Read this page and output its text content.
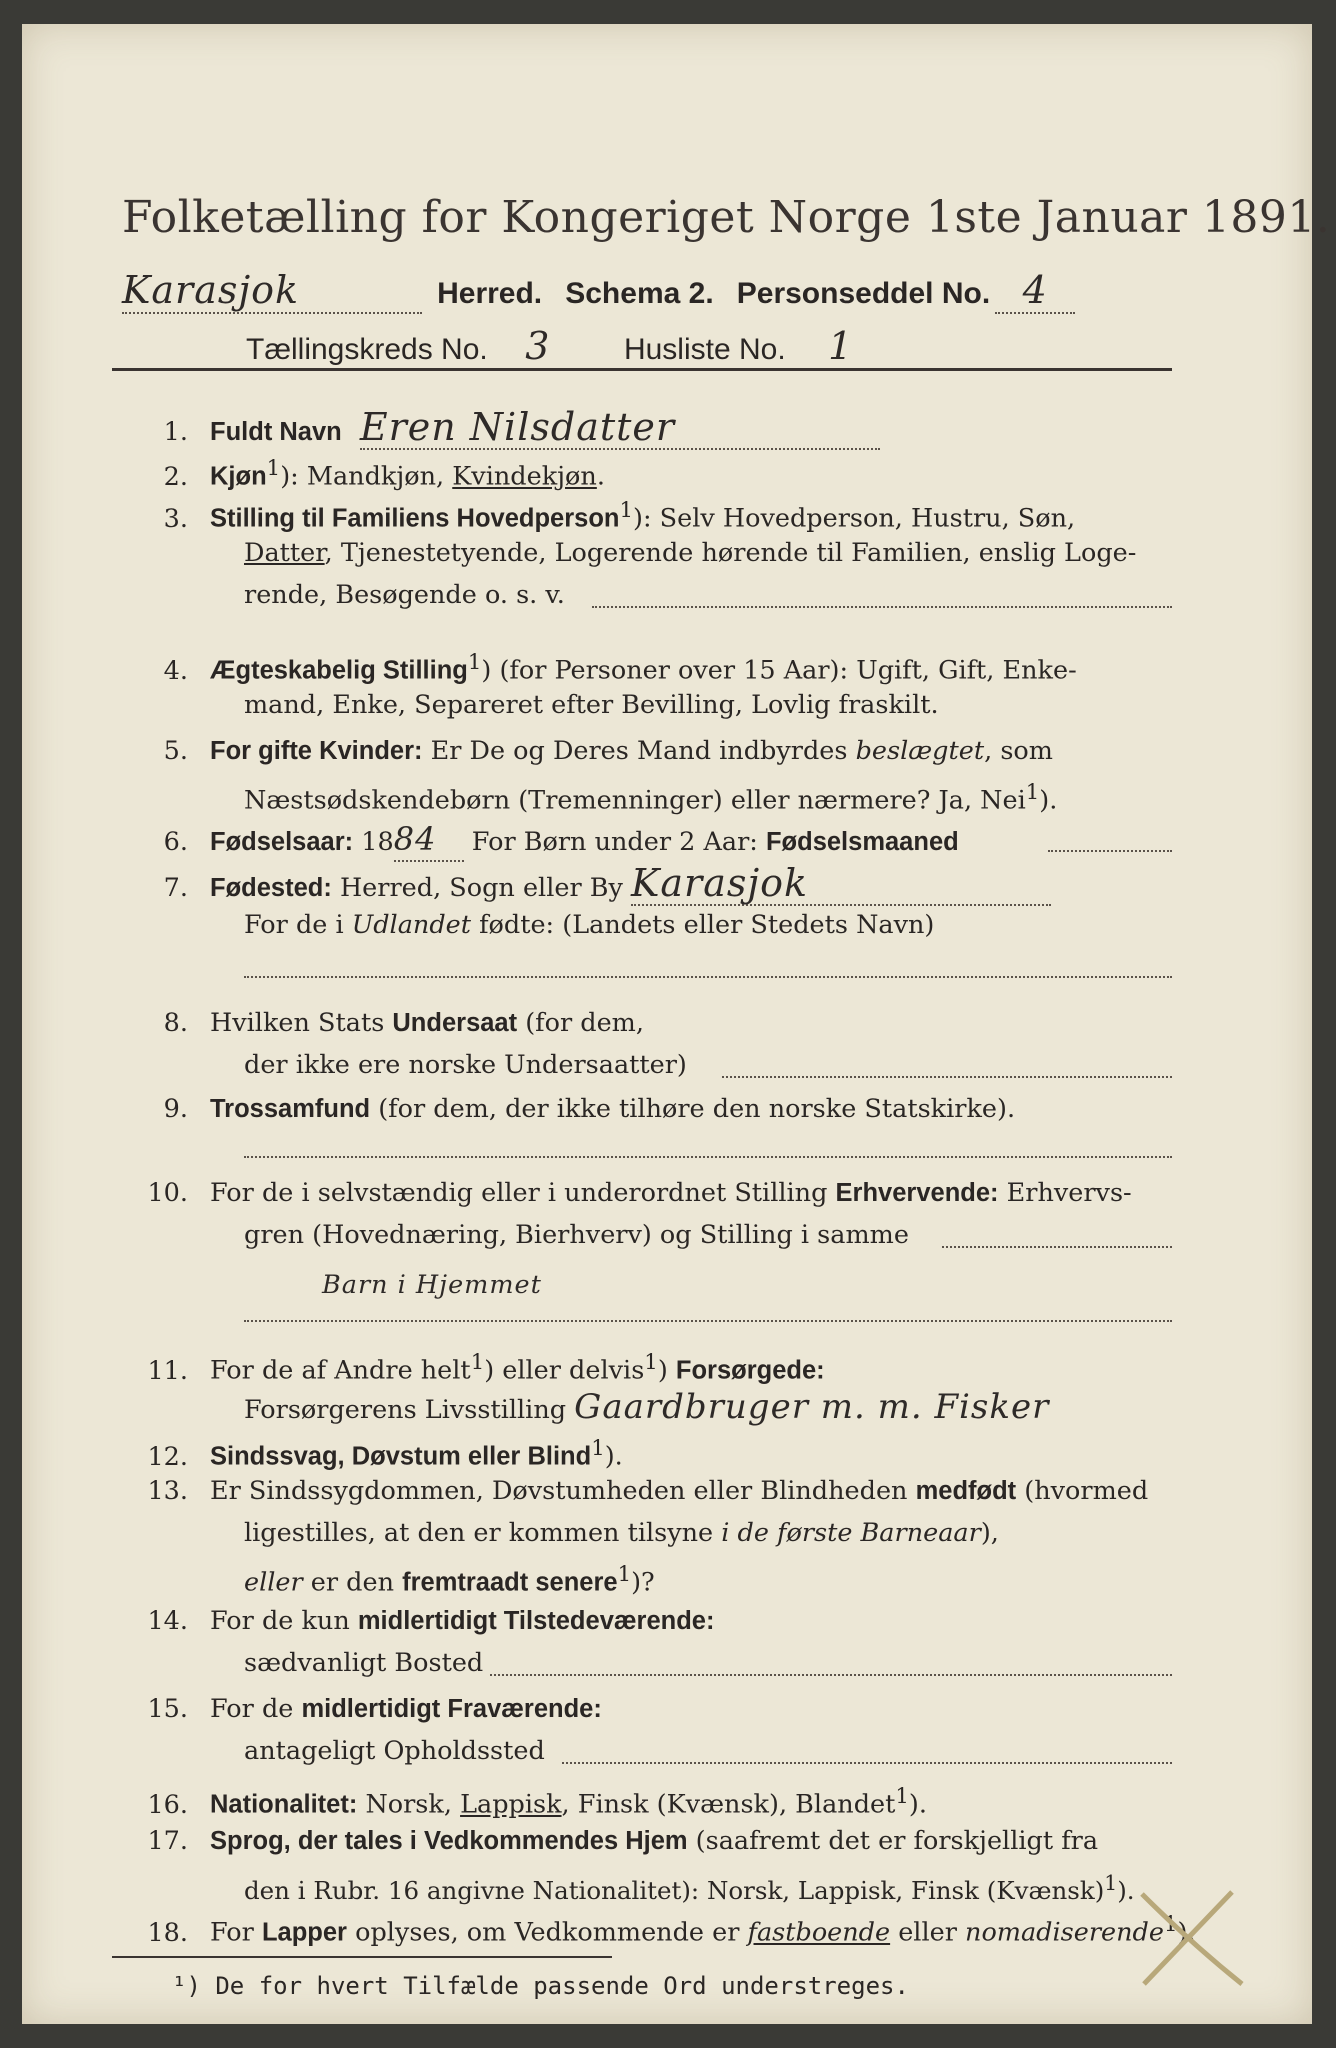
Folketælling for Kongeriget Norge 1ste Januar 1891.
Karasjok	Herred. Schema 2. Personseddel No. 4
Tællingskreds No. 3 Husliste No. 1
1. Fuldt Navn Eren Nilsdatter
2. Kjøn$^1$): Mandkjøn, Kvindekjøn.
3. Stilling til Familiens Hovedperson$^1$): Selv Hovedperson, Hustru, Søn,
Datter, Tjenestetyende, Logerende hørende til Familien, enslig Loge-
rende, Besøgende o. s. v.
4. Ægteskabelig Stilling$^1$) (for Personer over 15 Aar): Ugift, Gift, Enke-
mand, Enke, Separeret efter Bevilling, Lovlig fraskilt.
5. For gifte Kvinder: Er De og Deres Mand indbyrdes beslægtet, som
Næstsødskendebørn (Tremenninger) eller nærmere? Ja, Nei$^1$).
6. Fødselsaar: 1884 For Børn under 2 Aar: Fødselsmaaned
7. Fødested: Herred, Sogn eller By Karasjok
For de i Udlandet fødte: (Landets eller Stedets Navn)
8. Hvilken Stats Undersaat (for dem,
der ikke ere norske Undersaatter)
9. Trossamfund (for dem, der ikke tilhøre den norske Statskirke).
10. For de i selvstændig eller i underordnet Stilling Erhvervende: Erhvervs-
gren (Hovednæring, Bierhverv) og Stilling i samme
Barn i Hjemmet
11. For de af Andre helt$^1$) eller delvis$^1$) Forsørgede:
Forsørgerens Livsstilling Gaardbruger m. m. Fisker
12. Sindssvag, Døvstum eller Blind$^1$).
13. Er Sindssygdommen, Døvstumheden eller Blindheden medfødt (hvormed
ligestilles, at den er kommen tilsyne i de første Barneaar),
eller er den fremtraadt senere$^1$)?
14. For de kun midlertidigt Tilstedeværende:
sædvanligt Bosted
15. For de midlertidigt Fraværende:
antageligt Opholdssted
16. Nationalitet: Norsk, Lappisk, Finsk (Kvænsk), Blandet$^1$).
17. Sprog, der tales i Vedkommendes Hjem (saafremt det er forskjelligt fra
den i Rubr. 16 angivne Nationalitet): Norsk, Lappisk, Finsk (Kvænsk)$^1$).
18. For Lapper oplyses, om Vedkommende er fastboende eller nomadiserende$^1$).
¹) De for hvert Tilfælde passende Ord understreges.
